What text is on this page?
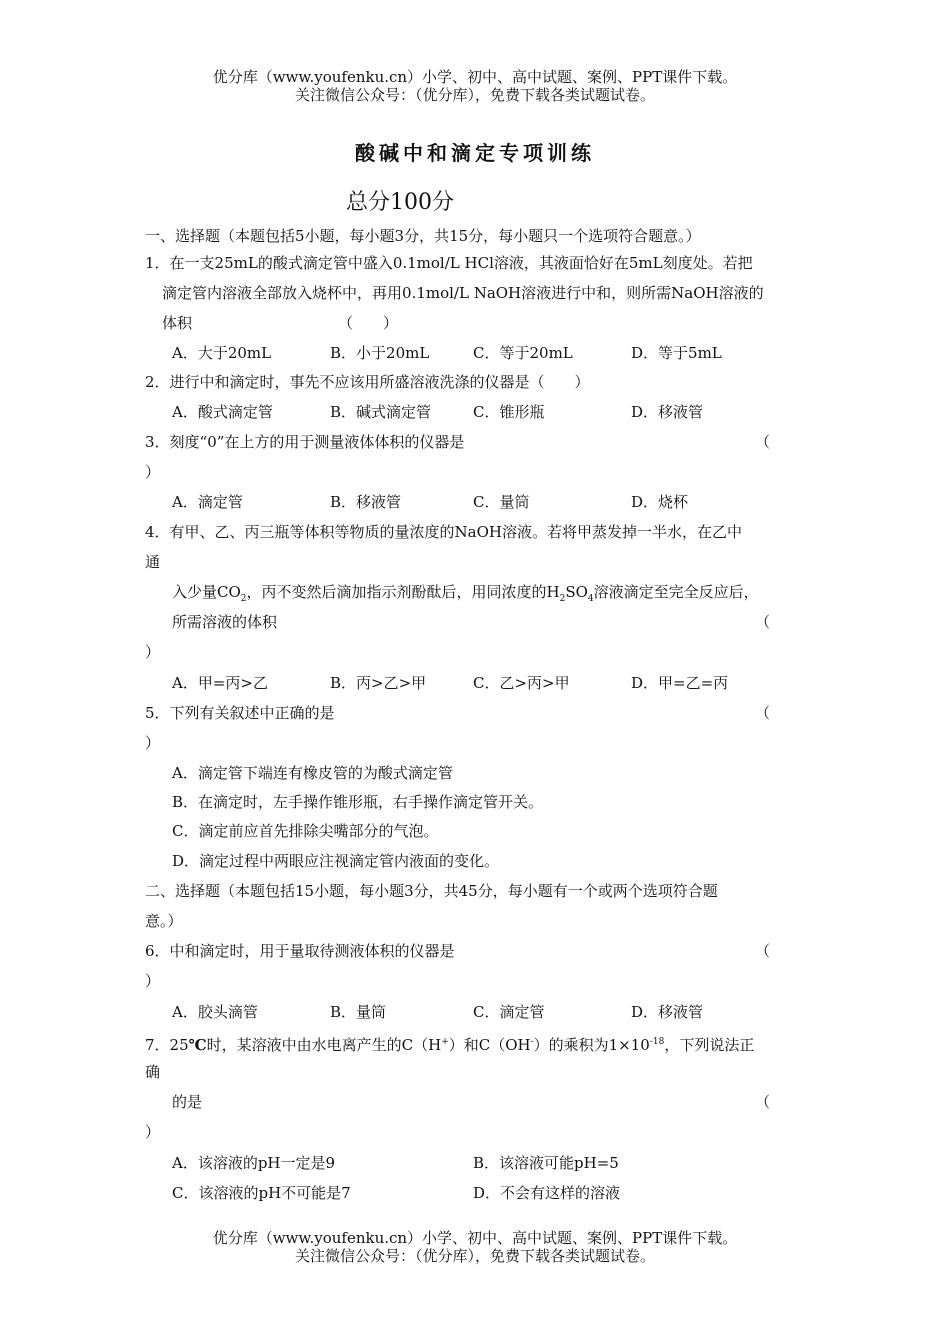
优分库（www.youfenku.cn）小学、初中、高中试题、案例、PPT课件下载。
关注微信公众号：（优分库），免费下载各类试题试卷。
酸碱中和滴定专项训练
总分100分
一、选择题（本题包括5小题，每小题3分，共15分，每小题只一个选项符合题意。）
1．在一支25mL的酸式滴定管中盛入0.1mol/L HCl溶液，其液面恰好在5mL刻度处。若把
滴定管内溶液全部放入烧杯中，再用0.1mol/L NaOH溶液进行中和，则所需NaOH溶液的
体积	（　　）
A．大于20mL	B．小于20mL	C．等于20mL	D．等于5mL
2．进行中和滴定时，事先不应该用所盛溶液洗涤的仪器是（　　）
A．酸式滴定管	B．碱式滴定管	C．锥形瓶	D．移液管
3．刻度“0”在上方的用于测量液体体积的仪器是	（
）
A．滴定管	B．移液管	C．量筒	D．烧杯
4．有甲、乙、丙三瓶等体积等物质的量浓度的NaOH溶液。若将甲蒸发掉一半水，在乙中
通
入少量$CO_2$，丙不变然后滴加指示剂酚酞后，用同浓度的$H_2SO_4$溶液滴定至完全反应后，
所需溶液的体积	（
）
A．甲=丙>乙	B．丙>乙>甲	C．乙>丙>甲	D．甲=乙=丙
5．下列有关叙述中正确的是	（
）
A．滴定管下端连有橡皮管的为酸式滴定管
B．在滴定时，左手操作锥形瓶，右手操作滴定管开关。
C．滴定前应首先排除尖嘴部分的气泡。
D．滴定过程中两眼应注视滴定管内液面的变化。
二、选择题（本题包括15小题，每小题3分，共45分，每小题有一个或两个选项符合题
意。）
6．中和滴定时，用于量取待测液体积的仪器是	（
）
A．胶头滴管	B．量筒	C．滴定管	D．移液管
7．25℃时，某溶液中由水电离产生的C（H+）和C（OH-）的乘积为$1\times 10^{-18}$，下列说法正
确
的是	（
）
A．该溶液的pH一定是9	B．该溶液可能pH=5
C．该溶液的pH不可能是7	D．不会有这样的溶液
优分库（www.youfenku.cn）小学、初中、高中试题、案例、PPT课件下载。
关注微信公众号：（优分库），免费下载各类试题试卷。
